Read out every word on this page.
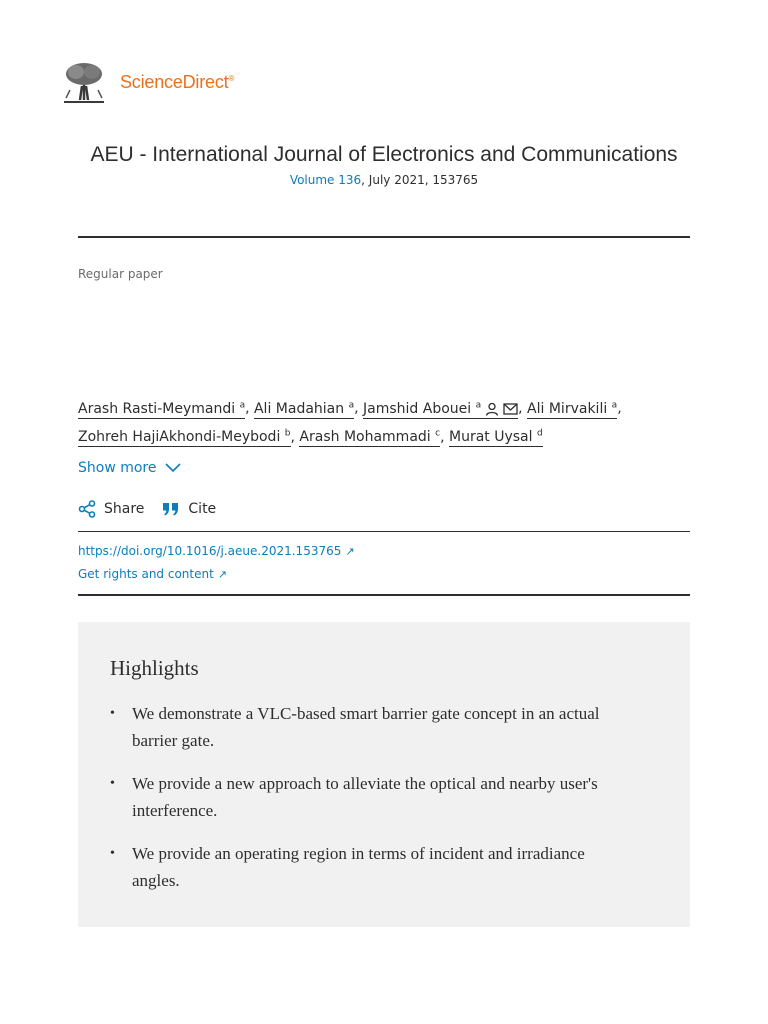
ScienceDirect®
AEU - International Journal of Electronics and Communications
Volume 136, July 2021, 153765
Regular paper
Arash Rasti-Meymandi $^a$, Ali Madahian $^a$, Jamshid Abouei $^a$	, Ali Mirvakili $^a$,
Zohreh HajiAkhondi-Meybodi $^b$, Arash Mohammadi $^c$, Murat Uysal $^d$
Show more
Share	Cite
https://doi.org/10.1016/j.aeue.2021.153765 ↗
Get rights and content ↗
Highlights
• We demonstrate a VLC-based smart barrier gate concept in an actual barrier gate.
• We provide a new approach to alleviate the optical and nearby user's interference.
• We provide an operating region in terms of incident and irradiance angles.
